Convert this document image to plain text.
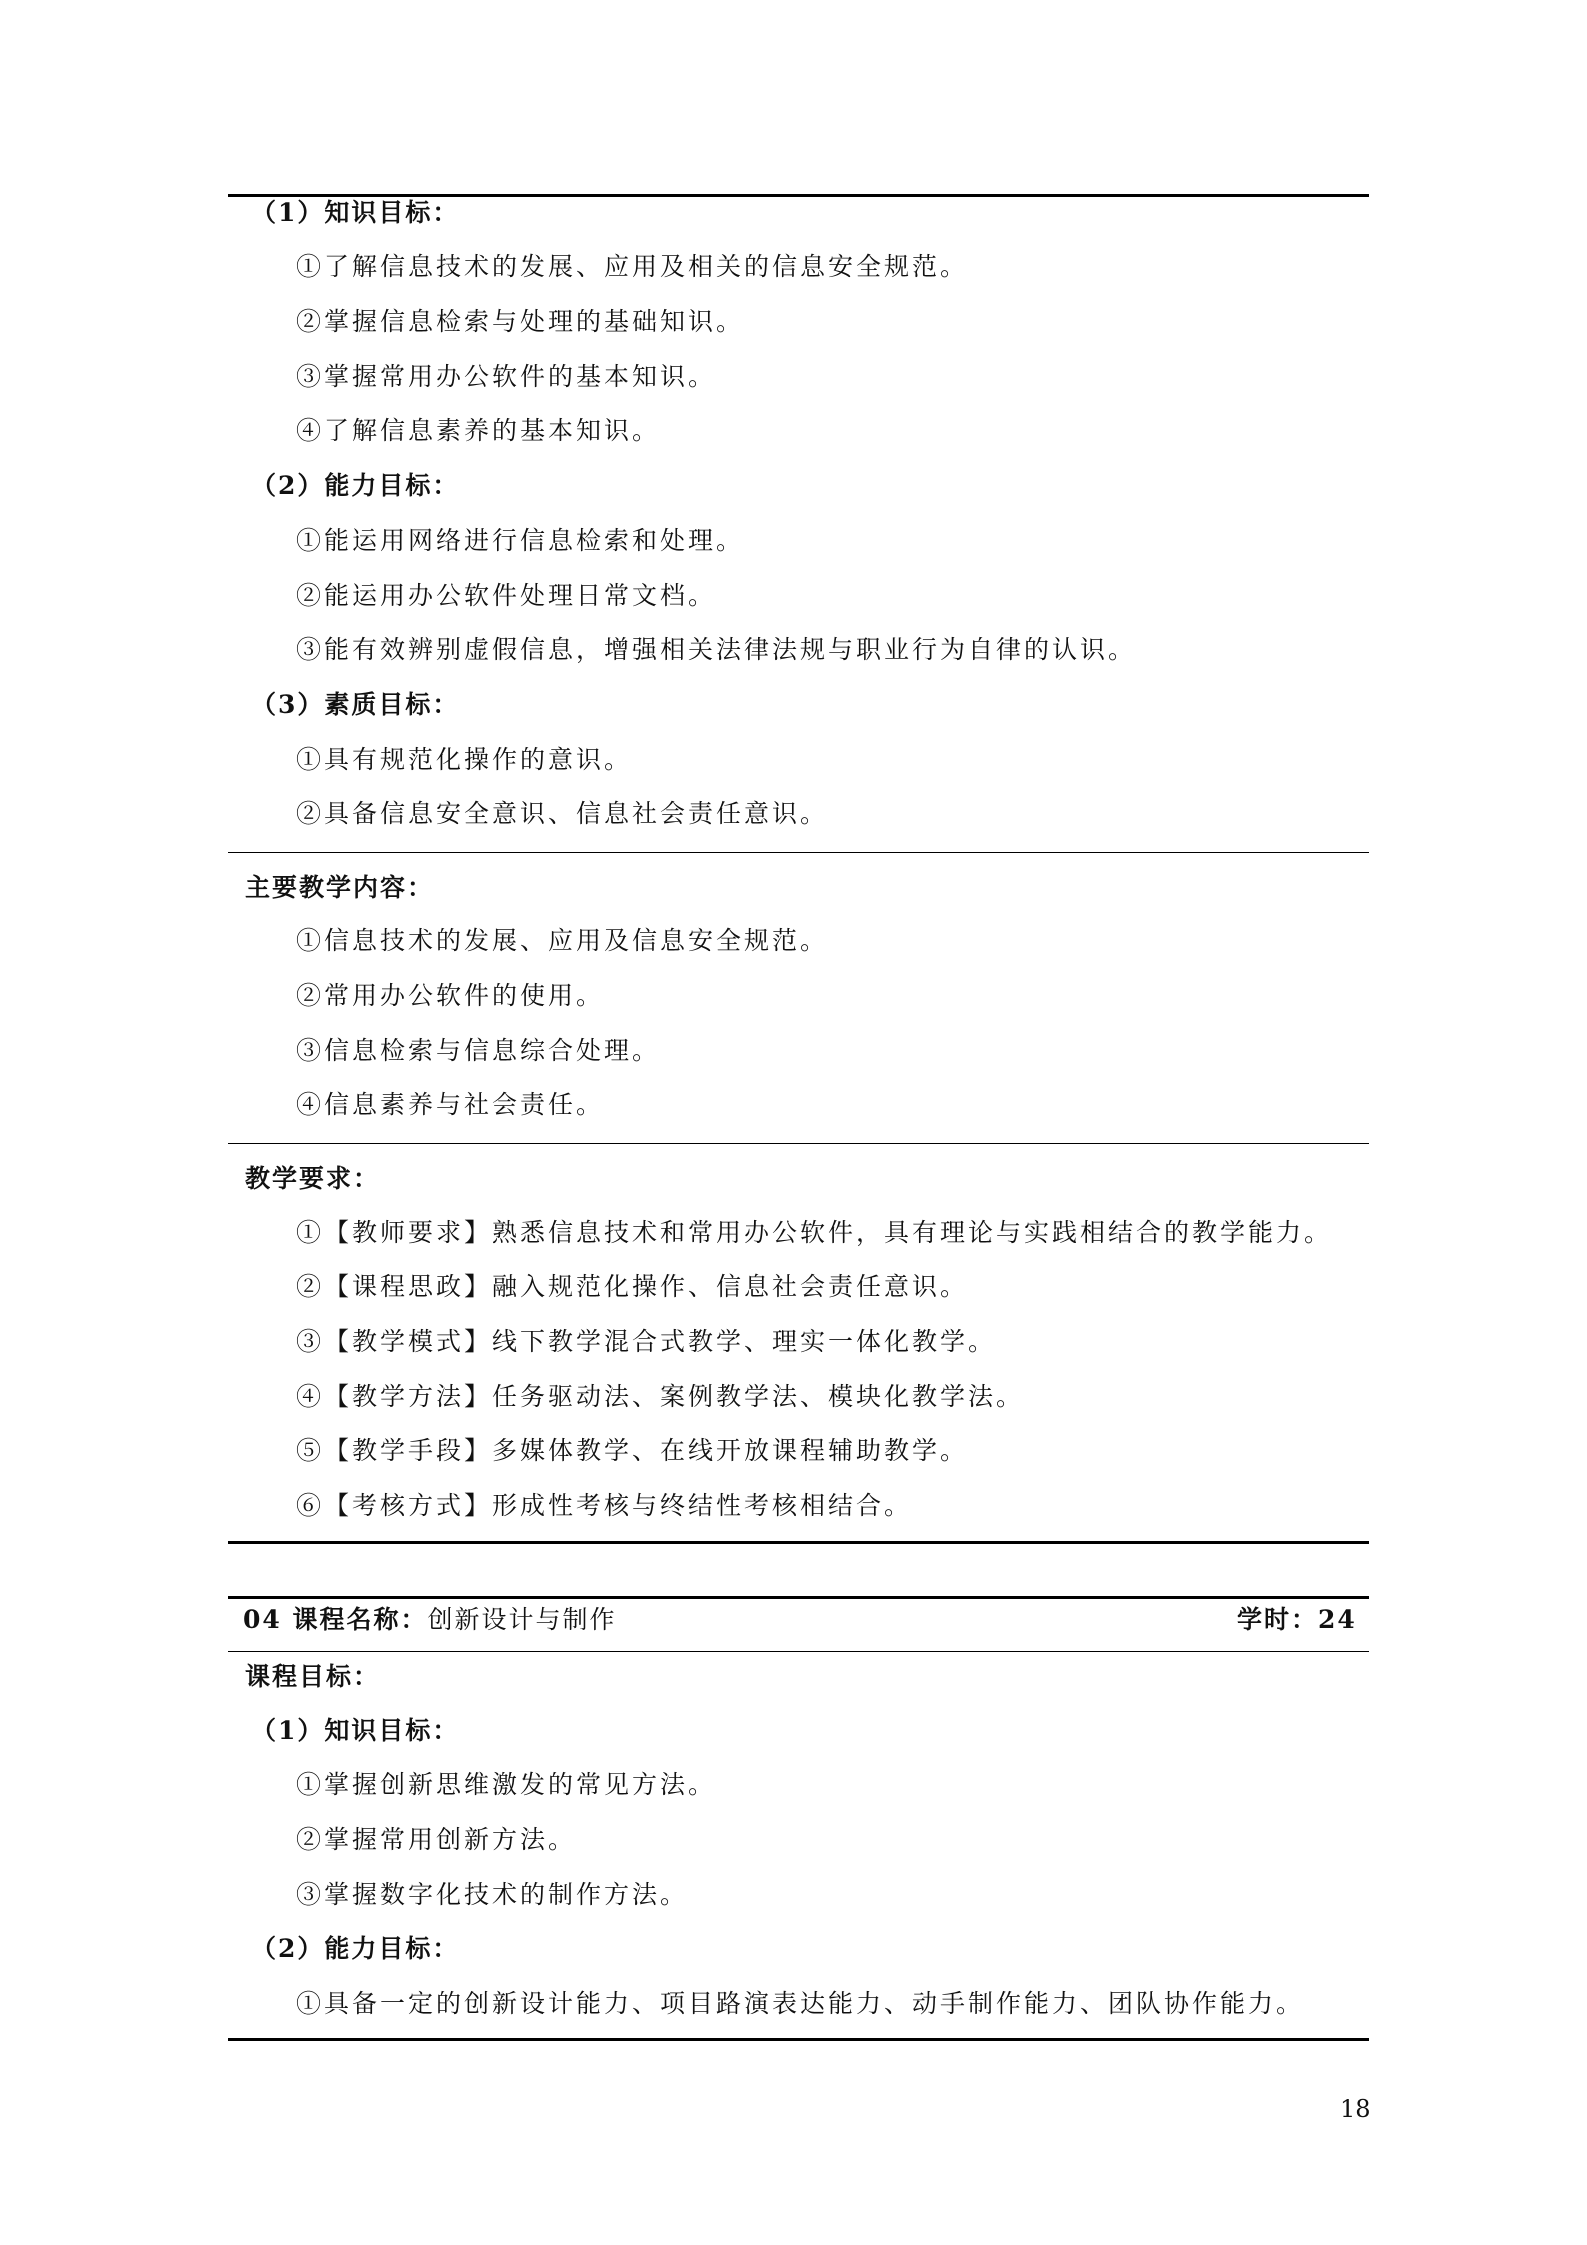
（1）知识目标：
①了解信息技术的发展、应用及相关的信息安全规范。
②掌握信息检索与处理的基础知识。
③掌握常用办公软件的基本知识。
④了解信息素养的基本知识。
（2）能力目标：
①能运用网络进行信息检索和处理。
②能运用办公软件处理日常文档。
③能有效辨别虚假信息，增强相关法律法规与职业行为自律的认识。
（3）素质目标：
①具有规范化操作的意识。
②具备信息安全意识、信息社会责任意识。
主要教学内容：
①信息技术的发展、应用及信息安全规范。
②常用办公软件的使用。
③信息检索与信息综合处理。
④信息素养与社会责任。
教学要求：
①【教师要求】熟悉信息技术和常用办公软件，具有理论与实践相结合的教学能力。
②【课程思政】融入规范化操作、信息社会责任意识。
③【教学模式】线下教学混合式教学、理实一体化教学。
④【教学方法】任务驱动法、案例教学法、模块化教学法。
⑤【教学手段】多媒体教学、在线开放课程辅助教学。
⑥【考核方式】形成性考核与终结性考核相结合。
04 课程名称：创新设计与制作	学时：24
课程目标：
（1）知识目标：
①掌握创新思维激发的常见方法。
②掌握常用创新方法。
③掌握数字化技术的制作方法。
（2）能力目标：
①具备一定的创新设计能力、项目路演表达能力、动手制作能力、团队协作能力。
18
